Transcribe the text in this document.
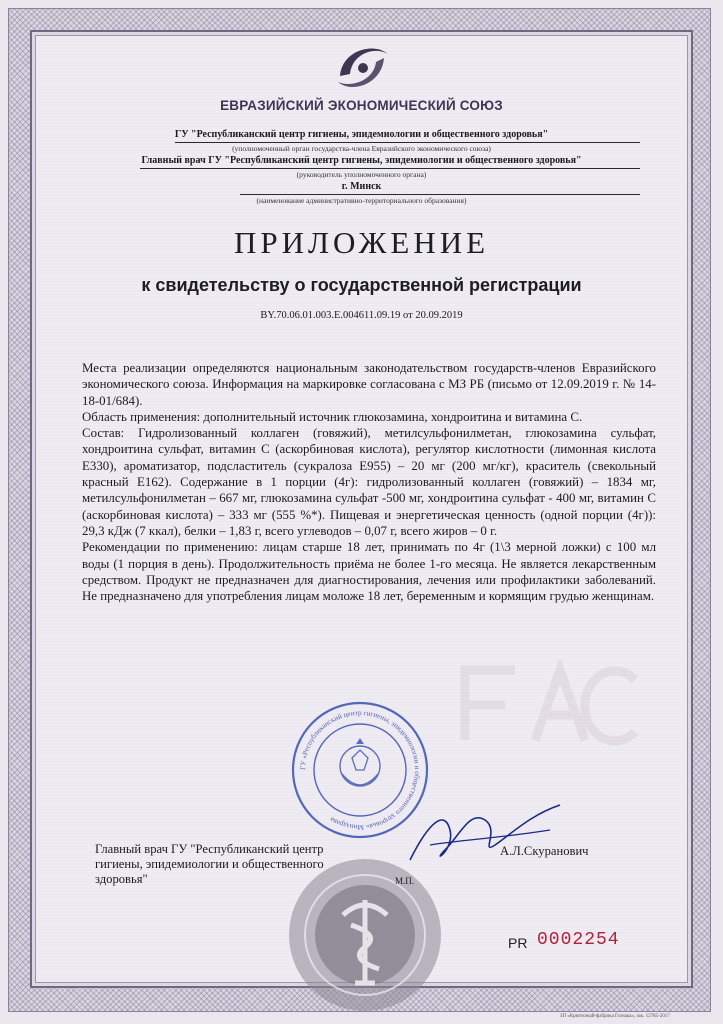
ЕВРАЗИЙСКИЙ ЭКОНОМИЧЕСКИЙ СОЮЗ
ГУ "Республиканский центр гигиены, эпидемиологии и общественного здоровья"
(уполномоченный орган государства-члена Евразийского экономического союза)
Главный врач ГУ "Республиканский центр гигиены, эпидемиологии и общественного здоровья"
(руководитель уполномоченного органа)
г. Минск
(наименование административно-территориального образования)
ПРИЛОЖЕНИЕ
к свидетельству о государственной регистрации
BY.70.06.01.003.E.004611.09.19 от 20.09.2019

Места реализации определяются национальным законодательством государств-членов Евразийского экономического союза. Информация на маркировке согласована с МЗ РБ (письмо от 12.09.2019 г. № 14-18-01/684).

Область применения: дополнительный источник глюкозамина, хондроитина и витамина С.

Состав: Гидролизованный коллаген (говяжий), метилсульфонилметан, глюкозамина сульфат, хондроитина сульфат, витамин С (аскорбиновая кислота), регулятор кислотности (лимонная кислота Е330), ароматизатор, подсластитель (сукралоза Е955) – 20 мг (200 мг/кг), краситель (свекольный красный Е162). Содержание в 1 порции (4г): гидролизованный коллаген (говяжий) – 1834 мг, метилсульфонилметан – 667 мг, глюкозамина сульфат -500 мг, хондроитина сульфат - 400 мг, витамин С (аскорбиновая кислота) – 333 мг (555 %*). Пищевая и энергетическая ценность (одной порции (4г)): 29,3 кДж (7 ккал), белки – 1,83 г, всего углеводов – 0,07 г, всего жиров – 0 г.

Рекомендации по применению: лицам старше 18 лет, принимать по 4г (1\3 мерной ложки) с 100 мл воды (1 порция в день). Продолжительность приёма не более 1-го месяца. Не является лекарственным средством. Продукт не предназначен для диагностирования, лечения или профилактики заболеваний. Не предназначено для употребления лицам моложе 18 лет, беременным и кормящим грудью женщинам.

ГУ «Республиканский центр гигиены, эпидемиологии и общественного здоровья» Минздрава
Главный врач ГУ "Республиканский центр гигиены, эпидемиологии и общественного здоровья"
А.Л.Скуранович
М.П.
PR 0002254
ЗП «Криптоный-фабрика Гознака», зак. 12785-2017
